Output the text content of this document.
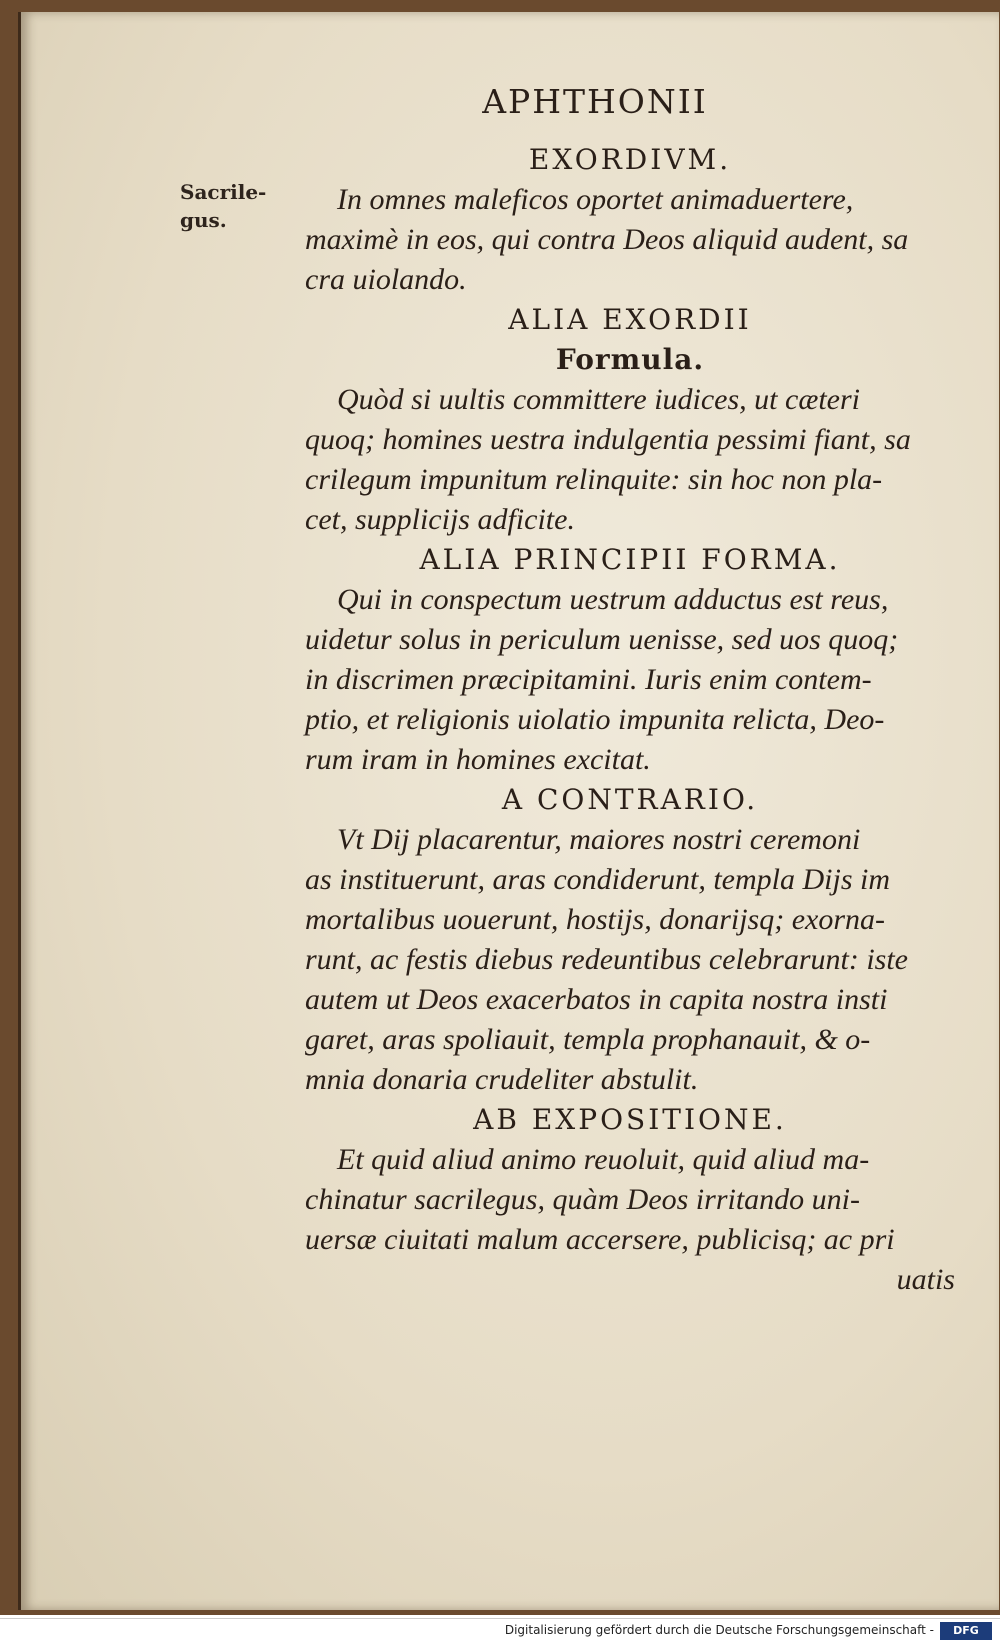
APHTHONII
Sacrile-
gus.
EXORDIVM.
In omnes maleficos oportet animaduertere,
maximè in eos, qui contra Deos aliquid audent, sa
cra uiolando.
ALIA EXORDII
Formula.
Quòd si uultis committere iudices, ut cæteri
quoq; homines uestra indulgentia pessimi fiant, sa
crilegum impunitum relinquite: sin hoc non pla-
cet, supplicijs adficite.
ALIA PRINCIPII FORMA.
Qui in conspectum uestrum adductus est reus,
uidetur solus in periculum uenisse, sed uos quoq;
in discrimen præcipitamini. Iuris enim contem-
ptio, et religionis uiolatio impunita relicta, Deo-
rum iram in homines excitat.
A CONTRARIO.
Vt Dij placarentur, maiores nostri ceremoni
as instituerunt, aras condiderunt, templa Dijs im
mortalibus uouerunt, hostijs, donarijsq; exorna-
runt, ac festis diebus redeuntibus celebrarunt: iste
autem ut Deos exacerbatos in capita nostra insti
garet, aras spoliauit, templa prophanauit, & o-
mnia donaria crudeliter abstulit.
AB EXPOSITIONE.
Et quid aliud animo reuoluit, quid aliud ma-
chinatur sacrilegus, quàm Deos irritando uni-
uersæ ciuitati malum accersere, publicisq; ac pri
uatis
Digitalisierung gefördert durch die Deutsche Forschungsgemeinschaft -	DFG
